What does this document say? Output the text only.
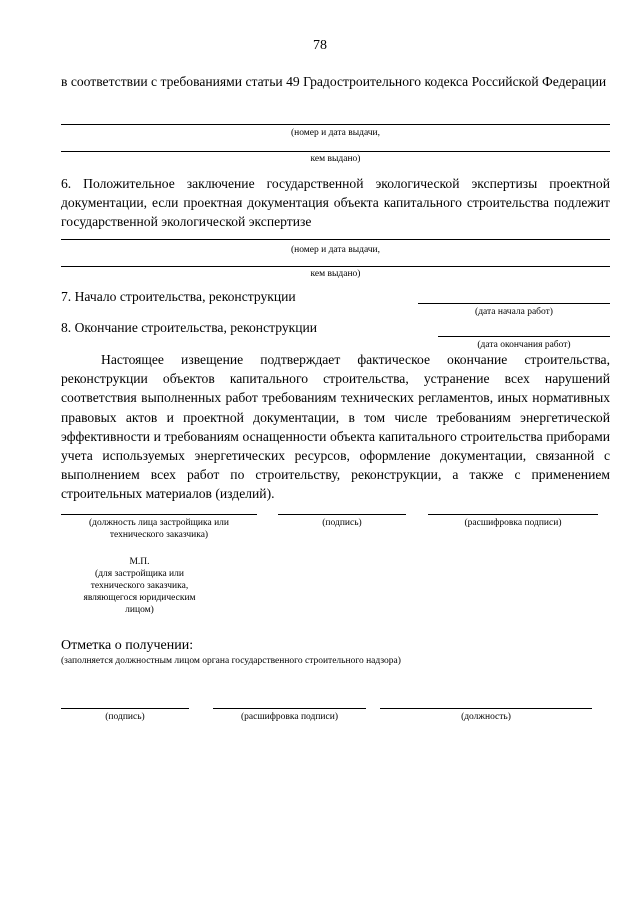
78
в соответствии с требованиями статьи 49 Градостроительного кодекса Российской Федерации
(номер и дата выдачи,
кем выдано)
6. Положительное заключение государственной экологической экспертизы проектной документации, если проектная документация объекта капитального строительства подлежит государственной экологической экспертизе
(номер и дата выдачи,
кем выдано)
7. Начало строительства, реконструкции
(дата начала работ)
8. Окончание строительства, реконструкции
(дата окончания работ)
Настоящее извещение подтверждает фактическое окончание строительства, реконструкции объектов капитального строительства, устранение всех нарушений соответствия выполненных работ требованиям технических регламентов, иных нормативных правовых актов и проектной документации, в том числе требованиям энергетической эффективности и требованиям оснащенности объекта капитального строительства приборами учета используемых энергетических ресурсов, оформление документации, связанной с выполнением всех работ по строительству, реконструкции, а также с применением строительных материалов (изделий).
(должность лица застройщика или технического заказчика)
(подпись)	(расшифровка подписи)
М.П.
(для застройщика или технического заказчика, являющегося юридическим лицом)
Отметка о получении:
(заполняется должностным лицом органа государственного строительного надзора)
(подпись)	(расшифровка подписи)	(должность)
